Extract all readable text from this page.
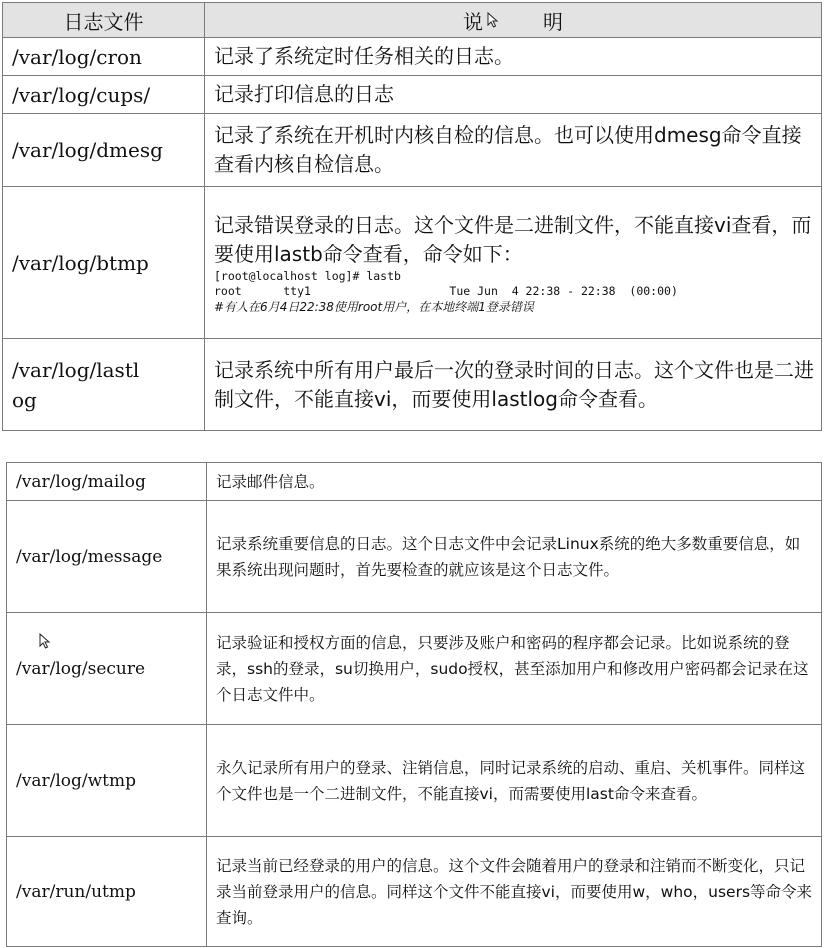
日志文件	说 明
/var/log/cron	记录了系统定时任务相关的日志。
/var/log/cups/	记录打印信息的日志
/var/log/dmesg	记录了系统在开机时内核自检的信息。也可以使用dmesg命令直接查看内核自检信息。
/var/log/btmp	记录错误登录的日志。这个文件是二进制文件，不能直接vi查看，而要使用lastb命令查看，命令如下：
[root@localhost log]# lastb
root      tty1                    Tue Jun  4 22:38 - 22:38  (00:00)
#有人在6月4日22:38使用root用户，在本地终端1登录错误

/var/log/lastl
og	记录系统中所有用户最后一次的登录时间的日志。这个文件也是二进制文件，不能直接vi，而要使用lastlog命令查看。
/var/log/mailog	记录邮件信息。
/var/log/message	记录系统重要信息的日志。这个日志文件中会记录Linux系统的绝大多数重要信息，如果系统出现问题时，首先要检查的就应该是这个日志文件。
/var/log/secure	记录验证和授权方面的信息，只要涉及账户和密码的程序都会记录。比如说系统的登录，ssh的登录，su切换用户，sudo授权，甚至添加用户和修改用户密码都会记录在这个日志文件中。
/var/log/wtmp	永久记录所有用户的登录、注销信息，同时记录系统的启动、重启、关机事件。同样这个文件也是一个二进制文件，不能直接vi，而需要使用last命令来查看。
/var/run/utmp	记录当前已经登录的用户的信息。这个文件会随着用户的登录和注销而不断变化，只记录当前登录用户的信息。同样这个文件不能直接vi，而要使用w，who，users等命令来查询。
